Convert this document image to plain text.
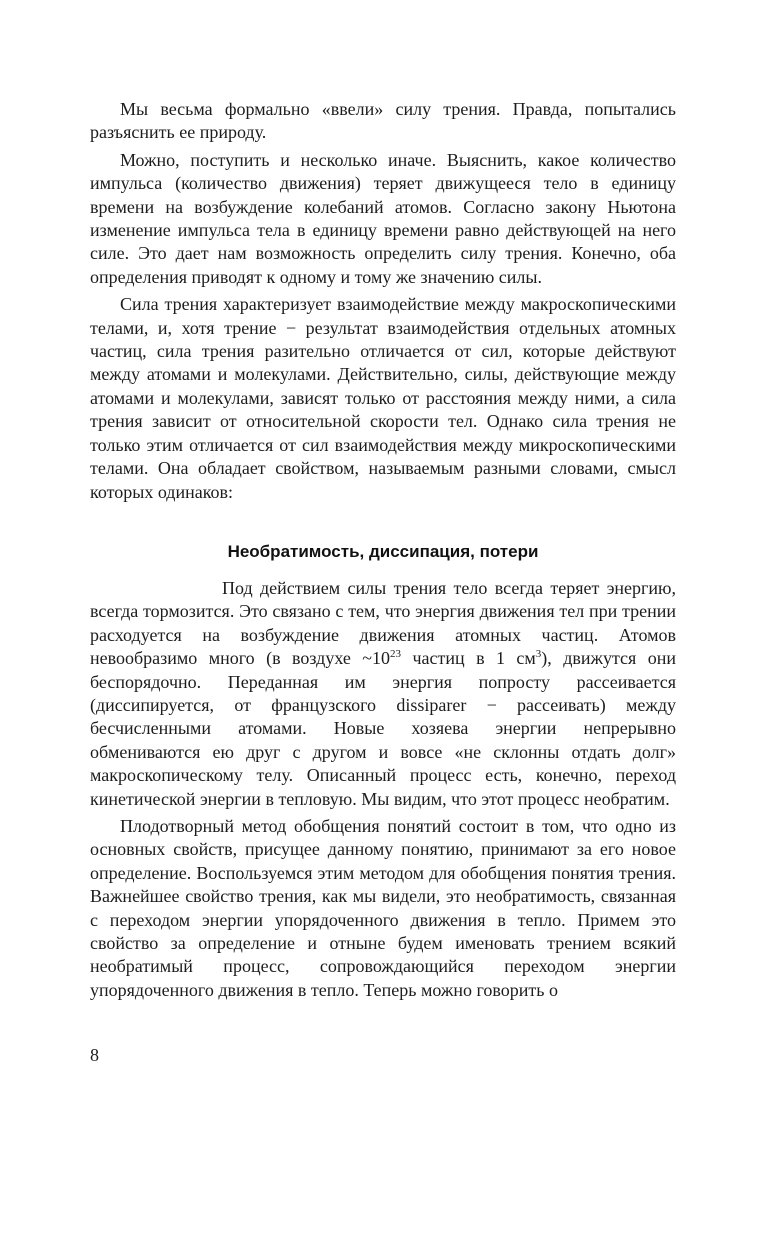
Мы весьма формально «ввели» силу трения. Правда, попытались разъяснить ее природу.

Можно, поступить и несколько иначе. Выяснить, какое количество импульса (количество движения) теряет движущееся тело в единицу времени на возбуждение колебаний атомов. Согласно закону Ньютона изменение импульса тела в единицу времени равно действующей на него силе. Это дает нам возможность определить силу трения. Конечно, оба определения приводят к одному и тому же значению силы.

Сила трения характеризует взаимодействие между макроскопическими телами, и, хотя трение − результат взаимодействия отдельных атомных частиц, сила трения разительно отличается от сил, которые действуют между атомами и молекулами. Действительно, силы, действующие между атомами и молекулами, зависят только от расстояния между ними, а сила трения зависит от относительной скорости тел. Однако сила трения не только этим отличается от сил взаимодействия между микроскопическими телами. Она обладает свойством, называемым разными словами, смысл которых одинаков:

Необратимость, диссипация, потери

Под действием силы трения тело всегда теряет энергию, всегда тормозится. Это связано с тем, что энергия движения тел при трении расходуется на возбуждение движения атомных частиц. Атомов невообразимо много (в воздухе $\sim 10^{23}$ частиц в 1 $см^3$), движутся они беспорядочно. Переданная им энергия попросту рассеивается (диссипируется, от французского dissiparer − рассеивать) между бесчисленными атомами. Новые хозяева энергии непрерывно обмениваются ею друг с другом и вовсе «не склонны отдать долг» макроскопическому телу. Описанный процесс есть, конечно, переход кинетической энергии в тепловую. Мы видим, что этот процесс необратим.

Плодотворный метод обобщения понятий состоит в том, что одно из основных свойств, присущее данному понятию, принимают за его новое определение. Воспользуемся этим методом для обобщения понятия трения. Важнейшее свойство трения, как мы видели, это необратимость, связанная с переходом энергии упорядоченного движения в тепло. Примем это свойство за определение и отныне будем именовать трением всякий необратимый процесс, сопровождающийся переходом энергии упорядоченного движения в тепло. Теперь можно говорить о

8
